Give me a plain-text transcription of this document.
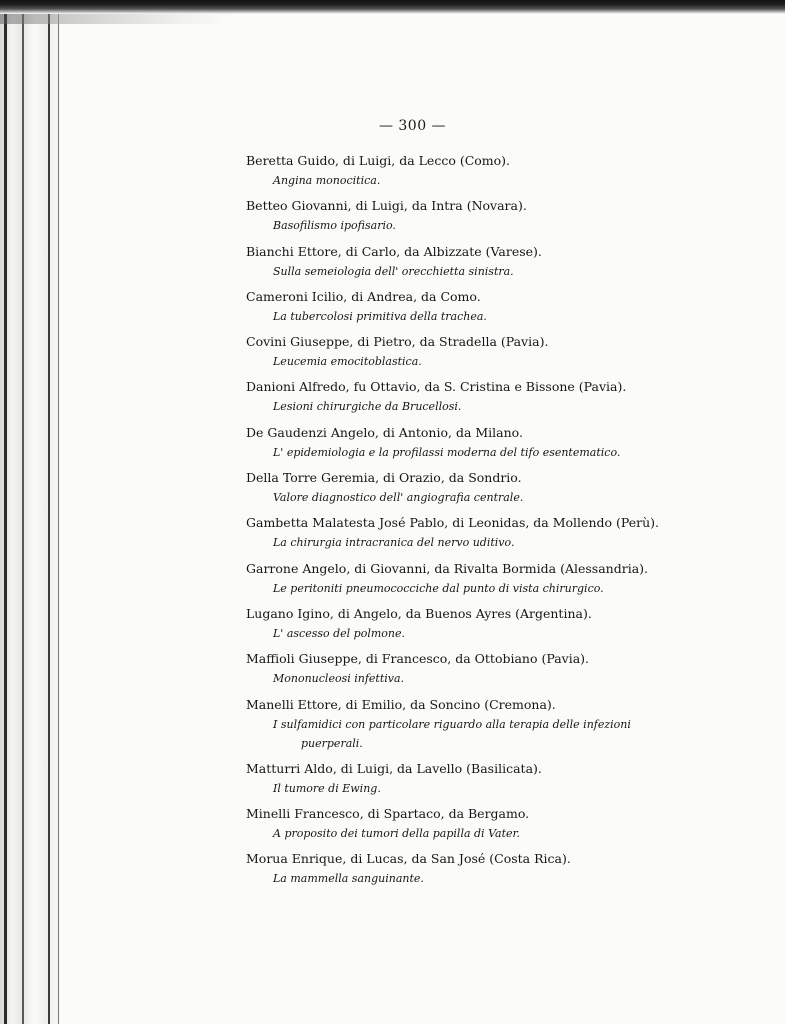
— 300 —
Beretta Guido, di Luigi, da Lecco (Como).
Angina monocitica.
Betteo Giovanni, di Luigi, da Intra (Novara).
Basofilismo ipofisario.
Bianchi Ettore, di Carlo, da Albizzate (Varese).
Sulla semeiologia dell' orecchietta sinistra.
Cameroni Icilio, di Andrea, da Como.
La tubercolosi primitiva della trachea.
Covini Giuseppe, di Pietro, da Stradella (Pavia).
Leucemia emocitoblastica.
Danioni Alfredo, fu Ottavio, da S. Cristina e Bissone (Pavia).
Lesioni chirurgiche da Brucellosi.
De Gaudenzi Angelo, di Antonio, da Milano.
L' epidemiologia e la profilassi moderna del tifo esentematico.
Della Torre Geremia, di Orazio, da Sondrio.
Valore diagnostico dell' angiografia centrale.
Gambetta Malatesta José Pablo, di Leonidas, da Mollendo (Perù).
La chirurgia intracranica del nervo uditivo.
Garrone Angelo, di Giovanni, da Rivalta Bormida (Alessandria).
Le peritoniti pneumococciche dal punto di vista chirurgico.
Lugano Igino, di Angelo, da Buenos Ayres (Argentina).
L' ascesso del polmone.
Maffioli Giuseppe, di Francesco, da Ottobiano (Pavia).
Mononucleosi infettiva.
Manelli Ettore, di Emilio, da Soncino (Cremona).
I sulfamidici con particolare riguardo alla terapia delle infezioni
puerperali.
Matturri Aldo, di Luigi, da Lavello (Basilicata).
Il tumore di Ewing.
Minelli Francesco, di Spartaco, da Bergamo.
A proposito dei tumori della papilla di Vater.
Morua Enrique, di Lucas, da San José (Costa Rica).
La mammella sanguinante.
